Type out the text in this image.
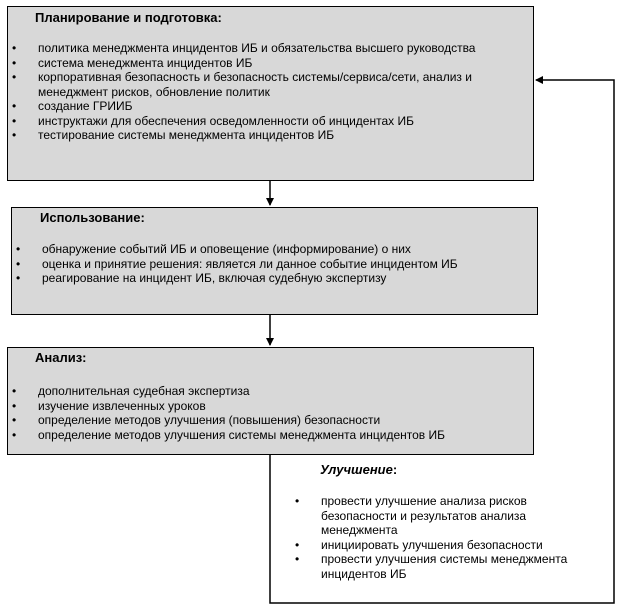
Планирование и подготовка:
• политика менеджмента инцидентов ИБ и обязательства высшего руководства
• система менеджмента инцидентов ИБ
• корпоративная безопасность и безопасность системы/сервиса/сети, анализ и менеджмент рисков, обновление политик
• создание ГРИИБ
• инструктажи для обеспечения осведомленности об инцидентах ИБ
• тестирование системы менеджмента инцидентов ИБ
Использование:
• обнаружение событий ИБ и оповещение (информирование) о них
• оценка и принятие решения: является ли данное событие инцидентом ИБ
• реагирование на инцидент ИБ, включая судебную экспертизу
Анализ:
• дополнительная судебная экспертиза
• изучение извлеченных уроков
• определение методов улучшения (повышения) безопасности
• определение методов улучшения системы менеджмента инцидентов ИБ
Улучшение:
• провести улучшение анализа рисков безопасности и результатов анализа менеджмента
• инициировать улучшения безопасности
• провести улучшения системы менеджмента инцидентов ИБ
